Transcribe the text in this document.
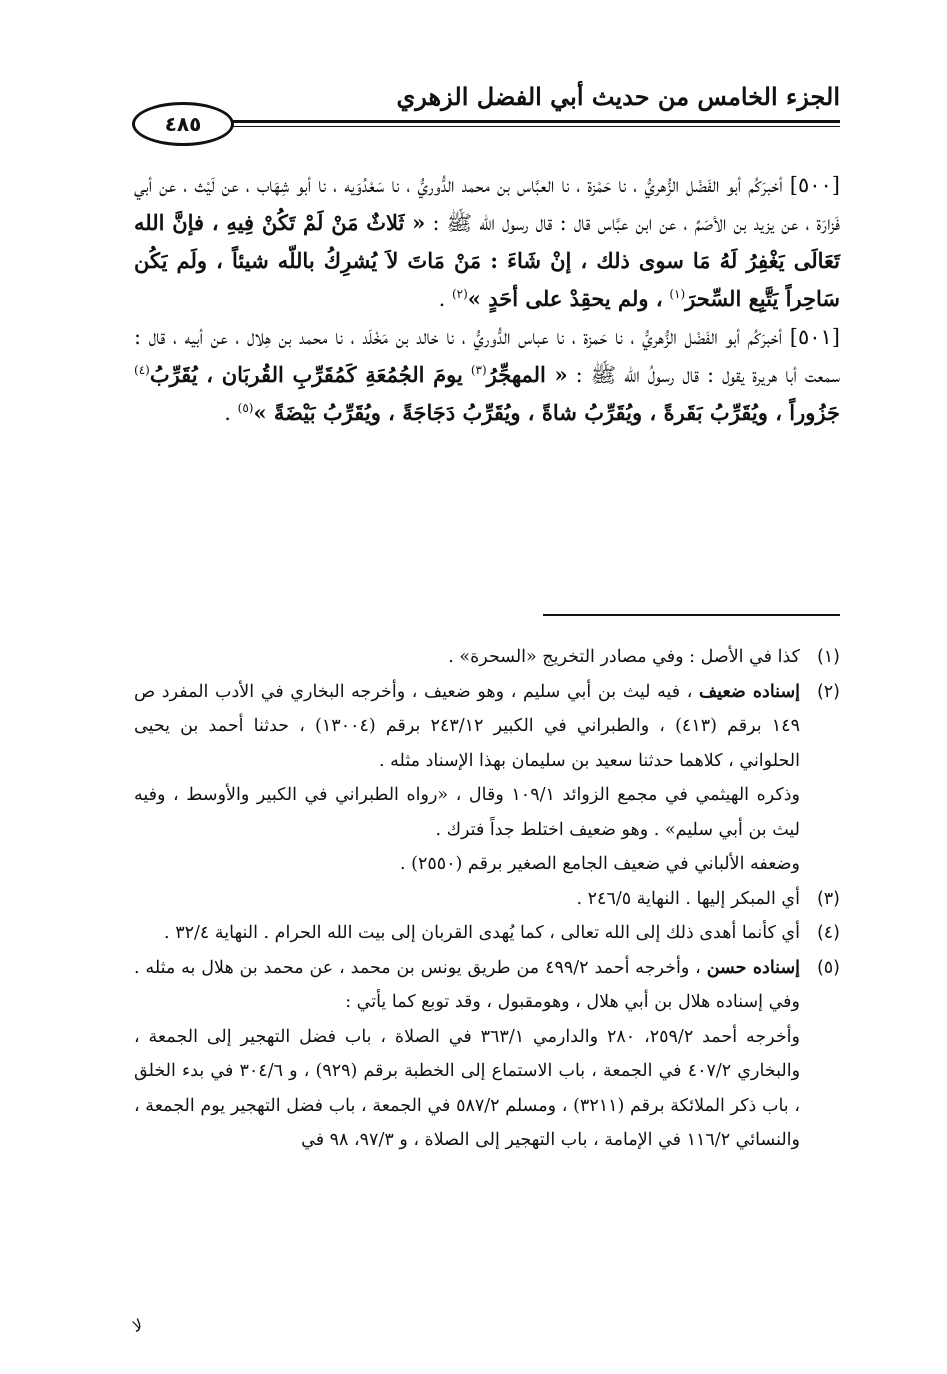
٤٨٥
الجزء الخامس من حديث أبي الفضل الزهري

[٥٠٠] أخبرَكُم أبو الفَضْل الزُّهريُّ ، نا حَمْزة ، نا العبَّاس بن محمد الدُّوريُّ ، نا سَعْدُوَيه ، نا أبو شِهَاب ، عن لَيْث ، عن أبي فَزارَة ، عن يزيد بن الأصَمِّ ، عن ابن عبَّاس قال : قال رسول الله ﷺ : « ثَلاثٌ مَنْ لَمْ تَكُنْ فِيهِ ، فإنَّ الله تَعَالَى يَغْفِرُ لَهُ مَا سوى ذلك ، إنْ شَاءَ : مَنْ مَاتَ لاَ يُشرِكُ باللّه شيئاً ، ولَم يَكُن سَاحِراً يَتَّبِع السِّحرَ$^{(١)}$ ، ولم يحقِدْ على أحَدٍ »$^{(٢)}$ .

[٥٠١] أخبرَكُم أبو الفَضْل الزُّهريُّ ، نا حَمزة ، نا عباس الدُّوريُّ ، نا خالد بن مَخْلَد ، نا محمد بن هِلال ، عن أبيه ، قال : سمعت أبا هريرة يقول : قال رسولُ الله ﷺ : « المهجِّرُ$^{(٣)}$ يومَ الجُمُعَةِ كَمُقَرِّبِ القُربَان ، يُقَرِّبُ$^{(٤)}$ جَزُوراً ، ويُقَرِّبُ بَقَرةً ، ويُقَرِّبُ شاةً ، ويُقَرِّبُ دَجَاجَةً ، ويُقَرِّبُ بَيْضَةً »$^{(٥)}$ .

(١)

كذا في الأصل : وفي مصادر التخريج «السحرة» .

(٢)

إسناده ضعيف ، فيه ليث بن أبي سليم ، وهو ضعيف ، وأخرجه البخاري في الأدب المفرد ص ١٤٩ برقم (٤١٣) ، والطبراني في الكبير ٢٤٣/١٢ برقم (١٣٠٠٤) ، حدثنا أحمد بن يحيى الحلواني ، كلاهما حدثنا سعيد بن سليمان بهذا الإسناد مثله .

وذكره الهيثمي في مجمع الزوائد ١٠٩/١ وقال ، «رواه الطبراني في الكبير والأوسط ، وفيه ليث بن أبي سليم» . وهو ضعيف اختلط جداً فترك .

وضعفه الألباني في ضعيف الجامع الصغير برقم (٢٥٥٠) .

(٣)

أي المبكر إليها . النهاية ٢٤٦/٥ .

(٤)

أي كأنما أهدى ذلك إلى الله تعالى ، كما يُهدى القربان إلى بيت الله الحرام . النهاية ٣٢/٤ .

(٥)

إسناده حسن ، وأخرجه أحمد ٤٩٩/٢ من طريق يونس بن محمد ، عن محمد بن هلال به مثله . وفي إسناده هلال بن أبي هلال ، وهومقبول ، وقد توبع كما يأتي :

وأخرجه أحمد ٢٥٩/٢، ٢٨٠ والدارمي ٣٦٣/١ في الصلاة ، باب فضل التهجير إلى الجمعة ، والبخاري ٤٠٧/٢ في الجمعة ، باب الاستماع إلى الخطبة برقم (٩٢٩) ، و ٣٠٤/٦ في بدء الخلق ، باب ذكر الملائكة برقم (٣٢١١) ، ومسلم ٥٨٧/٢ في الجمعة ، باب فضل التهجير يوم الجمعة ، والنسائي ١١٦/٢ في الإمامة ، باب التهجير إلى الصلاة ، و ٩٧/٣، ٩٨ في

لا
